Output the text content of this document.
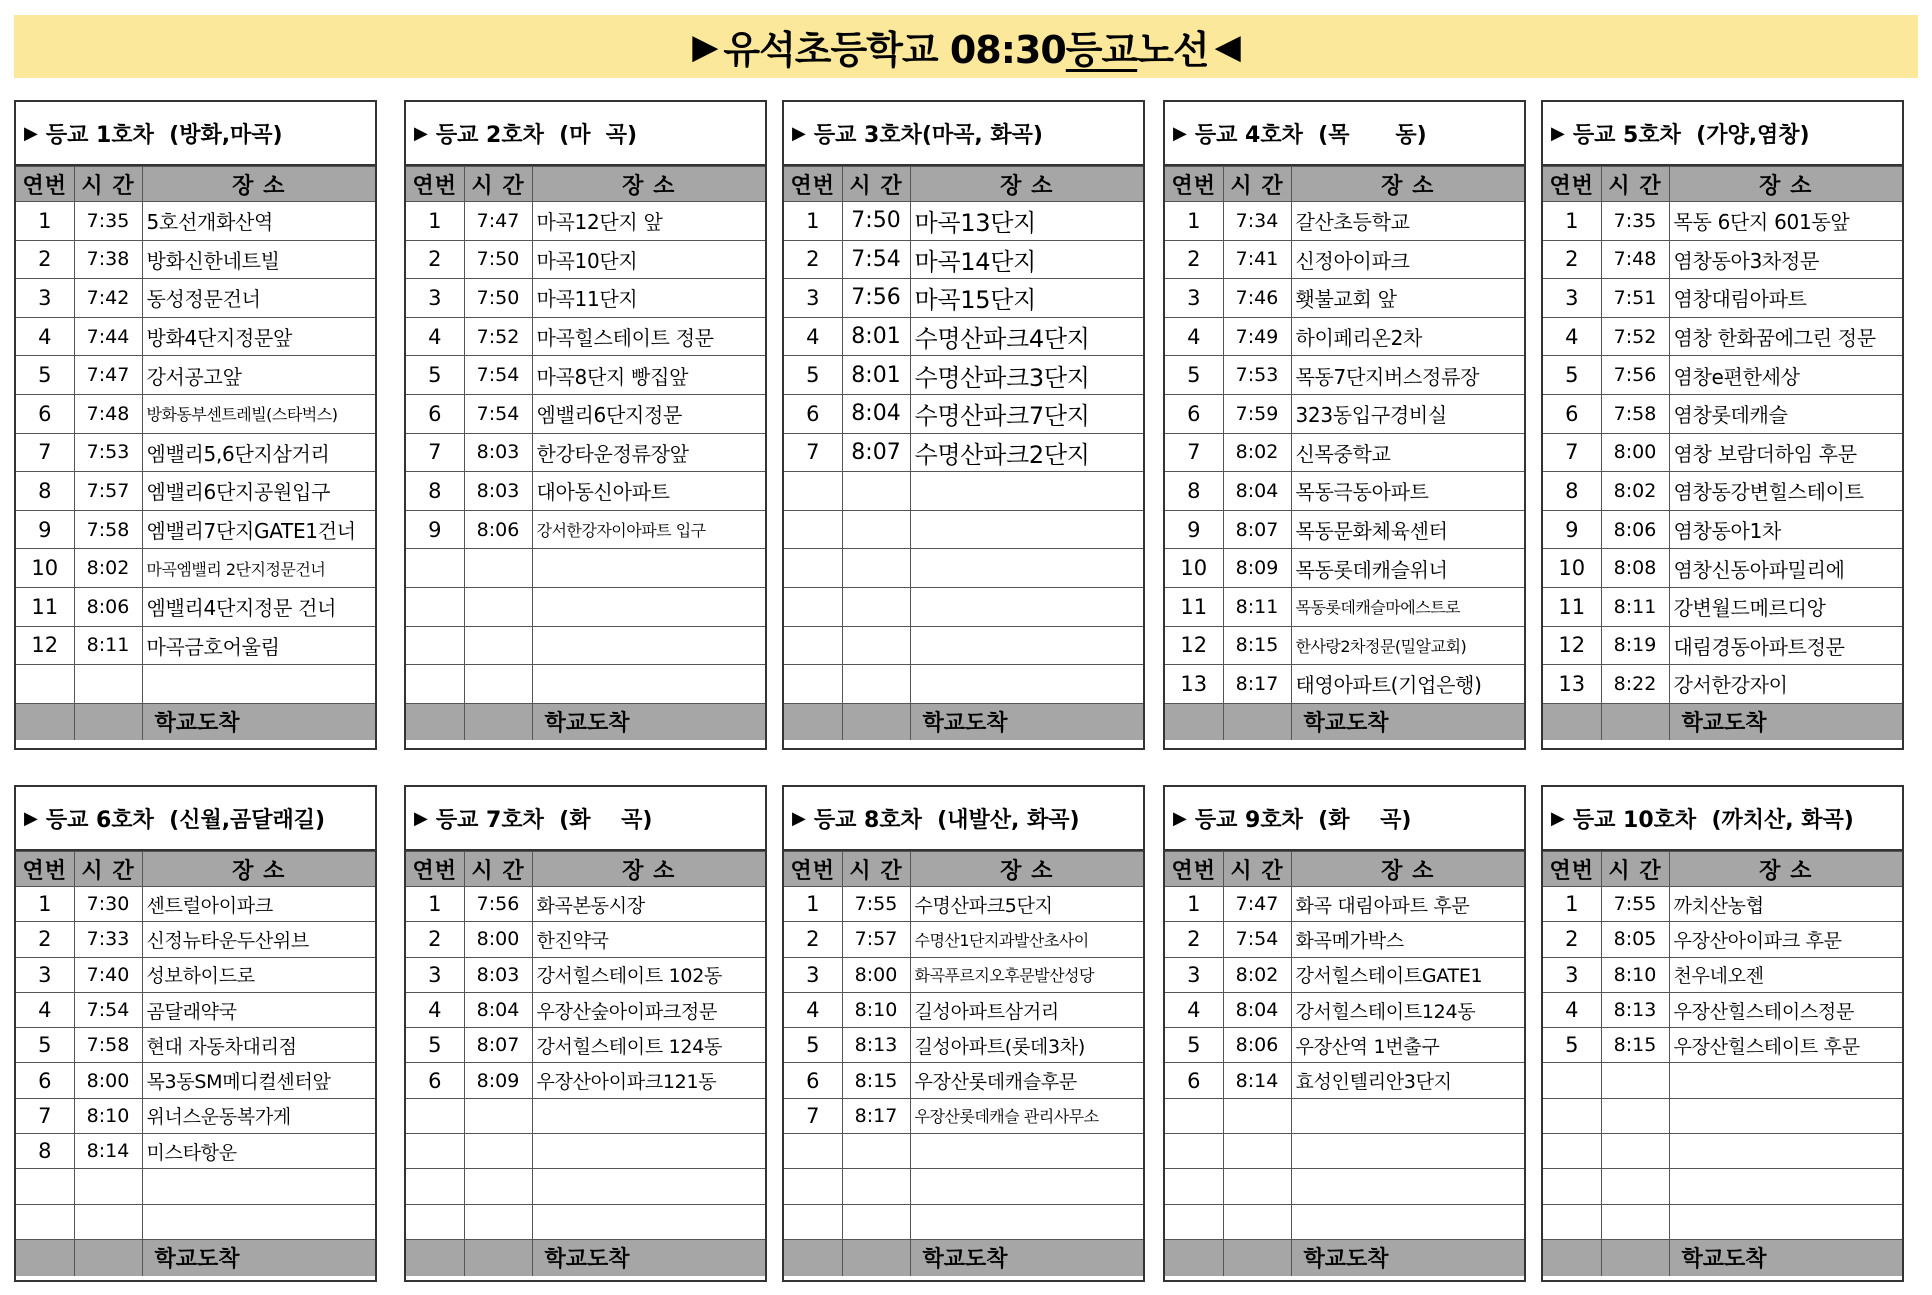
▶ 유석초등학교 08:30 등교 노선 ◀
▶ 등교 1호차  (방화,마곡)
연번	시 간	장 소
1	7:35	5호선개화산역
2	7:38	방화신한네트빌
3	7:42	동성정문건너
4	7:44	방화4단지정문앞
5	7:47	강서공고앞
6	7:48	방화동부센트레빌(스타벅스)
7	7:53	엠밸리5,6단지삼거리
8	7:57	엠밸리6단지공원입구
9	7:58	엠밸리7단지GATE1건너
10	8:02	마곡엠밸리 2단지정문건너
11	8:06	엠밸리4단지정문 건너
12	8:11	마곡금호어울림

		학교도착
▶ 등교 2호차  (마  곡)
연번	시 간	장 소
1	7:47	마곡12단지 앞
2	7:50	마곡10단지
3	7:50	마곡11단지
4	7:52	마곡힐스테이트 정문
5	7:54	마곡8단지 빵집앞
6	7:54	엠밸리6단지정문
7	8:03	한강타운정류장앞
8	8:03	대아동신아파트
9	8:06	강서한강자이아파트 입구

		학교도착
▶ 등교 3호차(마곡, 화곡)
연번	시 간	장 소
1	7:50	마곡13단지
2	7:54	마곡14단지
3	7:56	마곡15단지
4	8:01	수명산파크4단지
5	8:01	수명산파크3단지
6	8:04	수명산파크7단지
7	8:07	수명산파크2단지

		학교도착
▶ 등교 4호차  (목      동)
연번	시 간	장 소
1	7:34	갈산초등학교
2	7:41	신정아이파크
3	7:46	횃불교회 앞
4	7:49	하이페리온2차
5	7:53	목동7단지버스정류장
6	7:59	323동입구경비실
7	8:02	신목중학교
8	8:04	목동극동아파트
9	8:07	목동문화체육센터
10	8:09	목동롯데캐슬위너
11	8:11	목동롯데캐슬마에스트로
12	8:15	한사랑2차정문(밀알교회)
13	8:17	태영아파트(기업은행)
		학교도착
▶ 등교 5호차  (가양,염창)
연번	시 간	장 소
1	7:35	목동 6단지 601동앞
2	7:48	염창동아3차정문
3	7:51	염창대림아파트
4	7:52	염창 한화꿈에그린 정문
5	7:56	염창e편한세상
6	7:58	염창롯데캐슬
7	8:00	염창 보람더하임 후문
8	8:02	염창동강변힐스테이트
9	8:06	염창동아1차
10	8:08	염창신동아파밀리에
11	8:11	강변월드메르디앙
12	8:19	대림경동아파트정문
13	8:22	강서한강자이
		학교도착
▶ 등교 6호차  (신월,곰달래길)
연번	시 간	장 소
1	7:30	센트럴아이파크
2	7:33	신정뉴타운두산위브
3	7:40	성보하이드로
4	7:54	곰달래약국
5	7:58	현대 자동차대리점
6	8:00	목3동SM메디컬센터앞
7	8:10	위너스운동복가게
8	8:14	미스타항운

		학교도착
▶ 등교 7호차  (화    곡)
연번	시 간	장 소
1	7:56	화곡본동시장
2	8:00	한진약국
3	8:03	강서힐스테이트 102동
4	8:04	우장산숲아이파크정문
5	8:07	강서힐스테이트 124동
6	8:09	우장산아이파크121동

		학교도착
▶ 등교 8호차  (내발산, 화곡)
연번	시 간	장 소
1	7:55	수명산파크5단지
2	7:57	수명산1단지과발산초사이
3	8:00	화곡푸르지오후문발산성당
4	8:10	길성아파트삼거리
5	8:13	길성아파트(롯데3차)
6	8:15	우장산롯데캐슬후문
7	8:17	우장산롯데캐슬 관리사무소

		학교도착
▶ 등교 9호차  (화    곡)
연번	시 간	장 소
1	7:47	화곡 대림아파트 후문
2	7:54	화곡메가박스
3	8:02	강서힐스테이트GATE1
4	8:04	강서힐스테이트124동
5	8:06	우장산역 1번출구
6	8:14	효성인텔리안3단지

		학교도착
▶ 등교 10호차  (까치산, 화곡)
연번	시 간	장 소
1	7:55	까치산농협
2	8:05	우장산아이파크 후문
3	8:10	천우네오젠
4	8:13	우장산힐스테이스정문
5	8:15	우장산힐스테이트 후문

		학교도착
